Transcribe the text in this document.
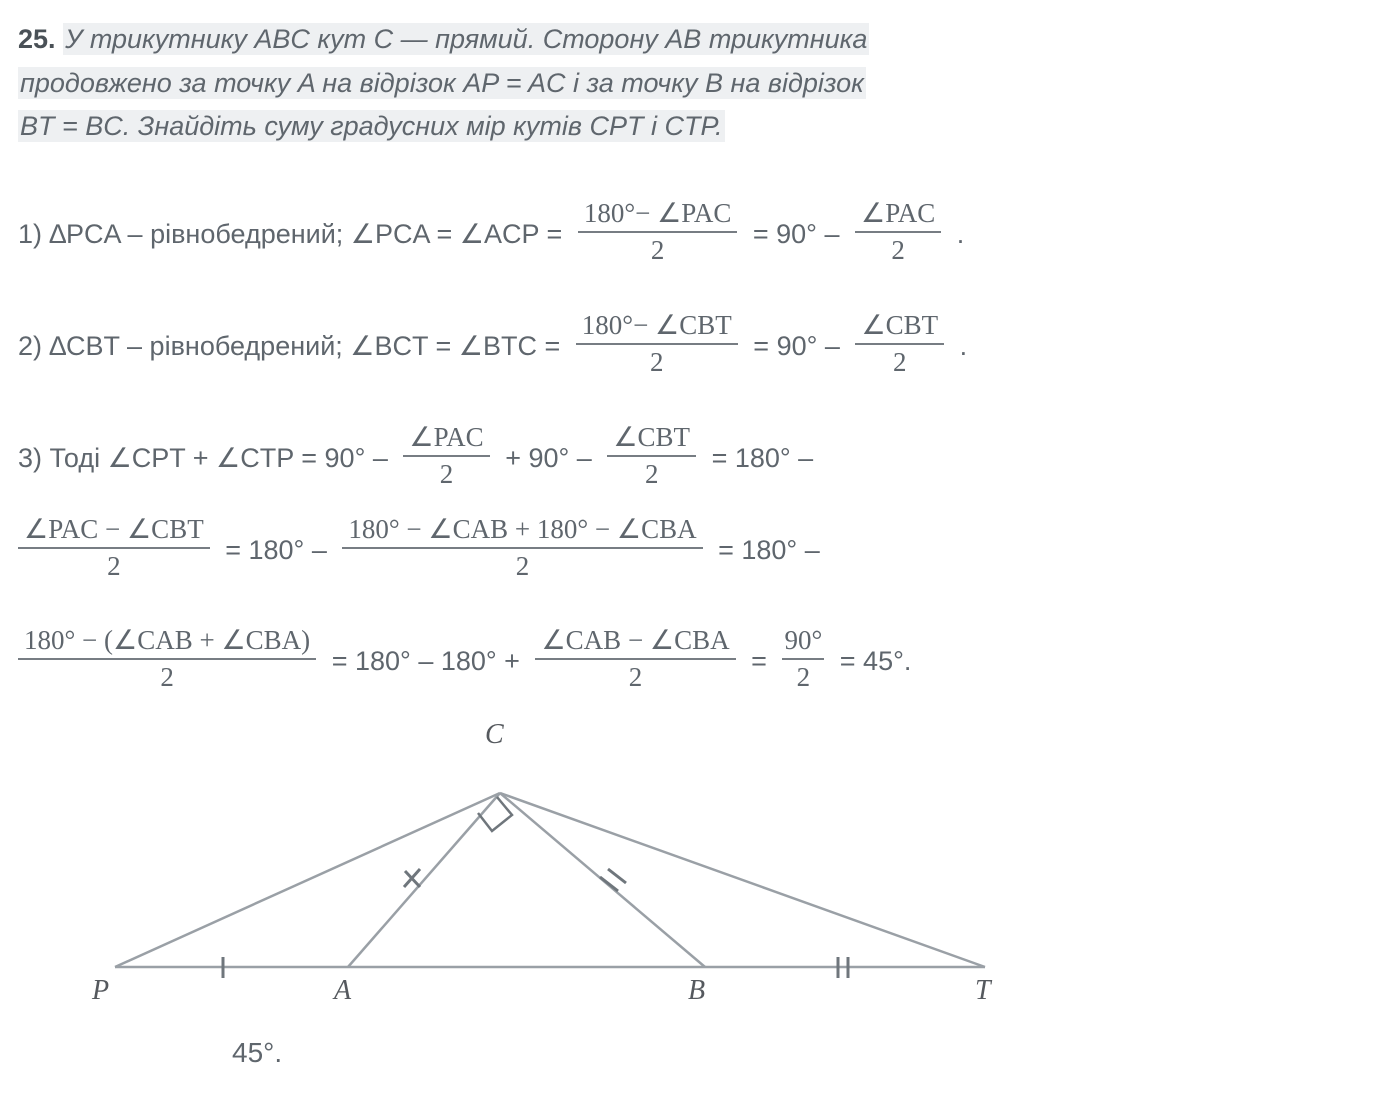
25. У трикутнику ABC кут C — прямий. Сторону AB трикутника
продовжено за точку A на відрізок AP = AC і за точку B на відрізок
BT = BC. Знайдіть суму градусних мір кутів CPT і CTP.
1) ∆PCA – рівнобедрений; ∠PCA = ∠ACP = $\frac{\text{180°− ∠PAC}}{2} = 90^\circ - \frac{\text{∠PAC}}{2}$ .
2) ∆CBT – рівнобедрений; ∠BCT = ∠BTC = $\frac{\text{180°− ∠CBT}}{2} = 90^\circ - \frac{\text{∠CBT}}{2}$ .
3) Тоді ∠CPT + ∠CTP = $90^\circ - \frac{\text{∠PAC}}{2} + 90^\circ - \frac{\text{∠CBT}}{2} = 180^\circ$ –
$\frac{\text{∠PAC − ∠CBT}}{2} = 180^\circ - \frac{\text{180° − ∠CAB + 180° − ∠CBA}}{2} = 180^\circ$ –
$\frac{\text{180° − (∠CAB + ∠CBA)}}{2} = 180^\circ - 180^\circ + \frac{\text{∠CAB − ∠CBA}}{2} = \frac{90^\circ}{2} = 45^\circ$.
C
P	A	B	T
45°.
